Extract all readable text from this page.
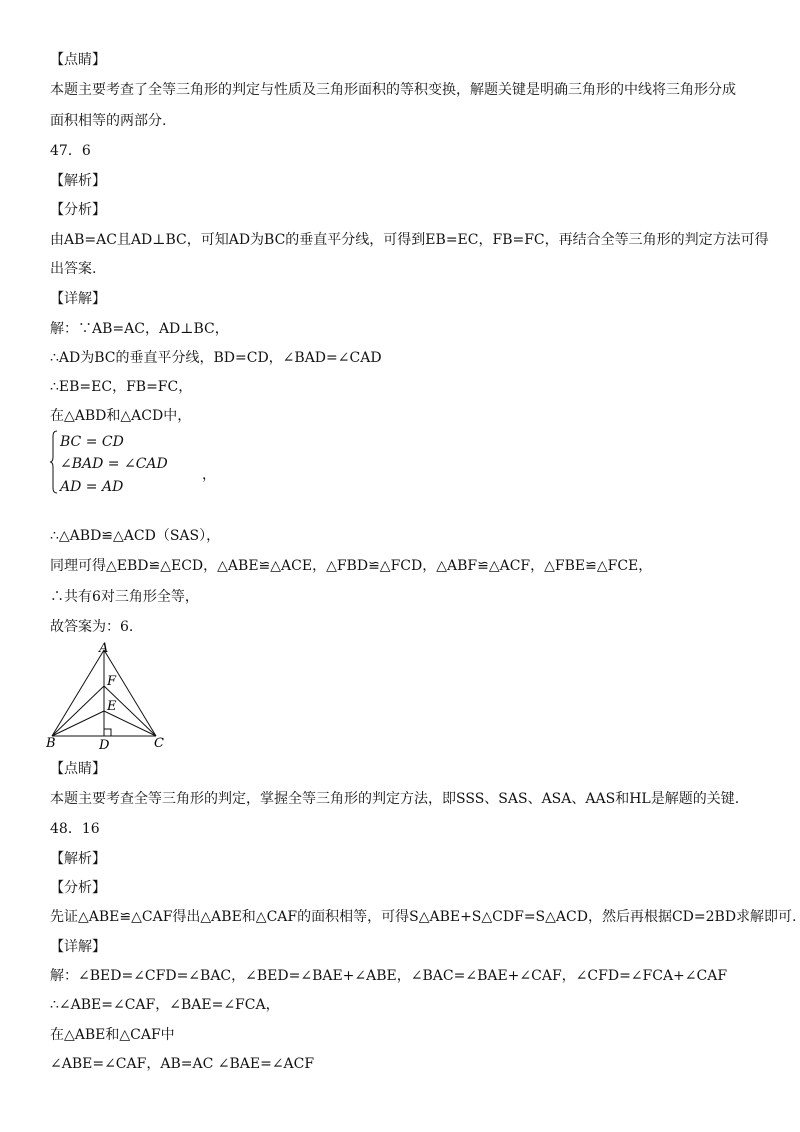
【点睛】
本题主要考查了全等三角形的判定与性质及三角形面积的等积变换，解题关键是明确三角形的中线将三角形分成
面积相等的两部分.
47．6
【解析】
【分析】
由AB=AC且AD⊥BC，可知AD为BC的垂直平分线，可得到EB=EC，FB=FC，再结合全等三角形的判定方法可得
出答案.
【详解】
解：∵AB=AC，AD⊥BC，
∴AD为BC的垂直平分线，BD=CD，∠BAD=∠CAD
∴EB=EC，FB=FC，
在△ABD和△ACD中，
BC = CD
∠BAD = ∠CAD
AD = AD
，
∴△ABD≌△ACD（SAS），
同理可得△EBD≌△ECD，△ABE≌△ACE，△FBD≌△FCD，△ABF≌△ACF，△FBE≌△FCE，
∴共有6对三角形全等，
故答案为：6.
A
B	C
D
E
F
【点睛】
本题主要考查全等三角形的判定，掌握全等三角形的判定方法，即SSS、SAS、ASA、AAS和HL是解题的关键.
48．16
【解析】
【分析】
先证△ABE≌△CAF得出△ABE和△CAF的面积相等，可得S△ABE+S△CDF=S△ACD，然后再根据CD=2BD求解即可.
【详解】
解：∠BED=∠CFD=∠BAC，∠BED=∠BAE+∠ABE，∠BAC=∠BAE+∠CAF，∠CFD=∠FCA+∠CAF
∴∠ABE=∠CAF，∠BAE=∠FCA，
在△ABE和△CAF中
∠ABE=∠CAF，AB=AC ∠BAE=∠ACF
